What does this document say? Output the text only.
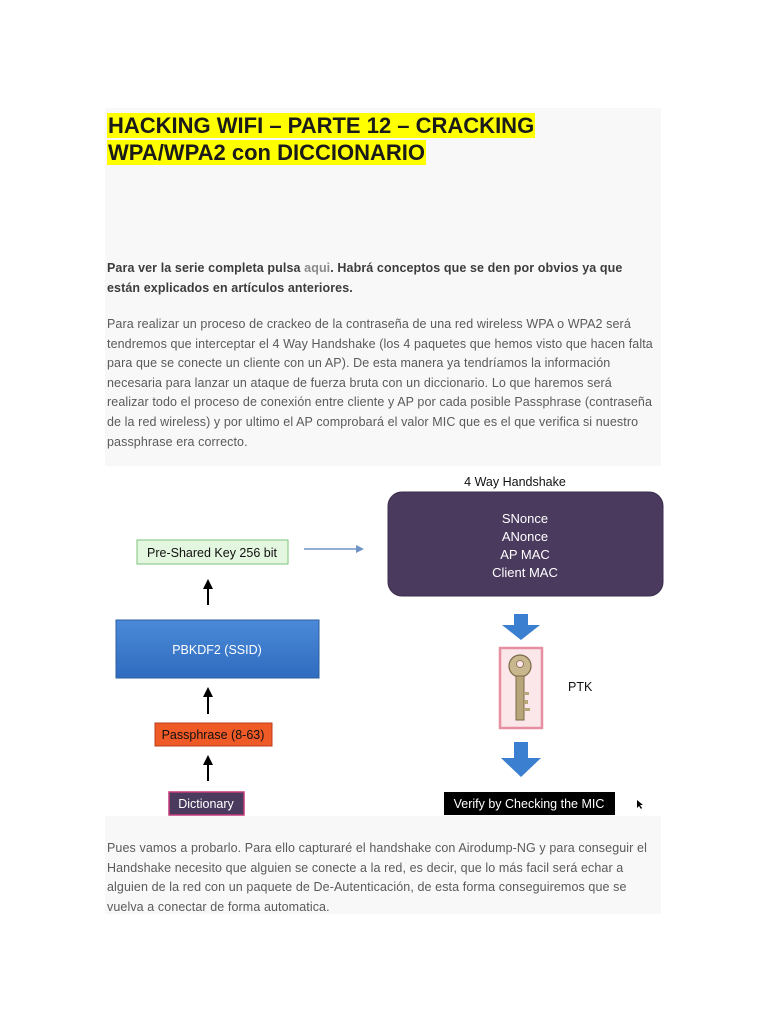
HACKING WIFI – PARTE 12 – CRACKING WPA/WPA2 con DICCIONARIO

Para ver la serie completa pulsa aqui. Habrá conceptos que se den por obvios ya que están explicados en artículos anteriores.

Para realizar un proceso de crackeo de la contraseña de una red wireless WPA o WPA2 será tendremos que interceptar el 4 Way Handshake (los 4 paquetes que hemos visto que hacen falta para que se conecte un cliente con un AP). De esta manera ya tendríamos la información necesaria para lanzar un ataque de fuerza bruta con un diccionario. Lo que haremos será realizar todo el proceso de conexión entre cliente y AP por cada posible Passphrase (contraseña de la red wireless) y por ultimo el AP comprobará el valor MIC que es el que verifica si nuestro passphrase era correcto.

4 Way Handshake
SNonce
ANonce
AP MAC
Client MAC
Pre-Shared Key 256 bit
PBKDF2 (SSID)
Passphrase (8-63)
Dictionary
PTK
Verify by Checking the MIC

Pues vamos a probarlo. Para ello capturaré el handshake con Airodump-NG y para conseguir el Handshake necesito que alguien se conecte a la red, es decir, que lo más facil será echar a alguien de la red con un paquete de De-Autenticación, de esta forma conseguiremos que se vuelva a conectar de forma automatica.
